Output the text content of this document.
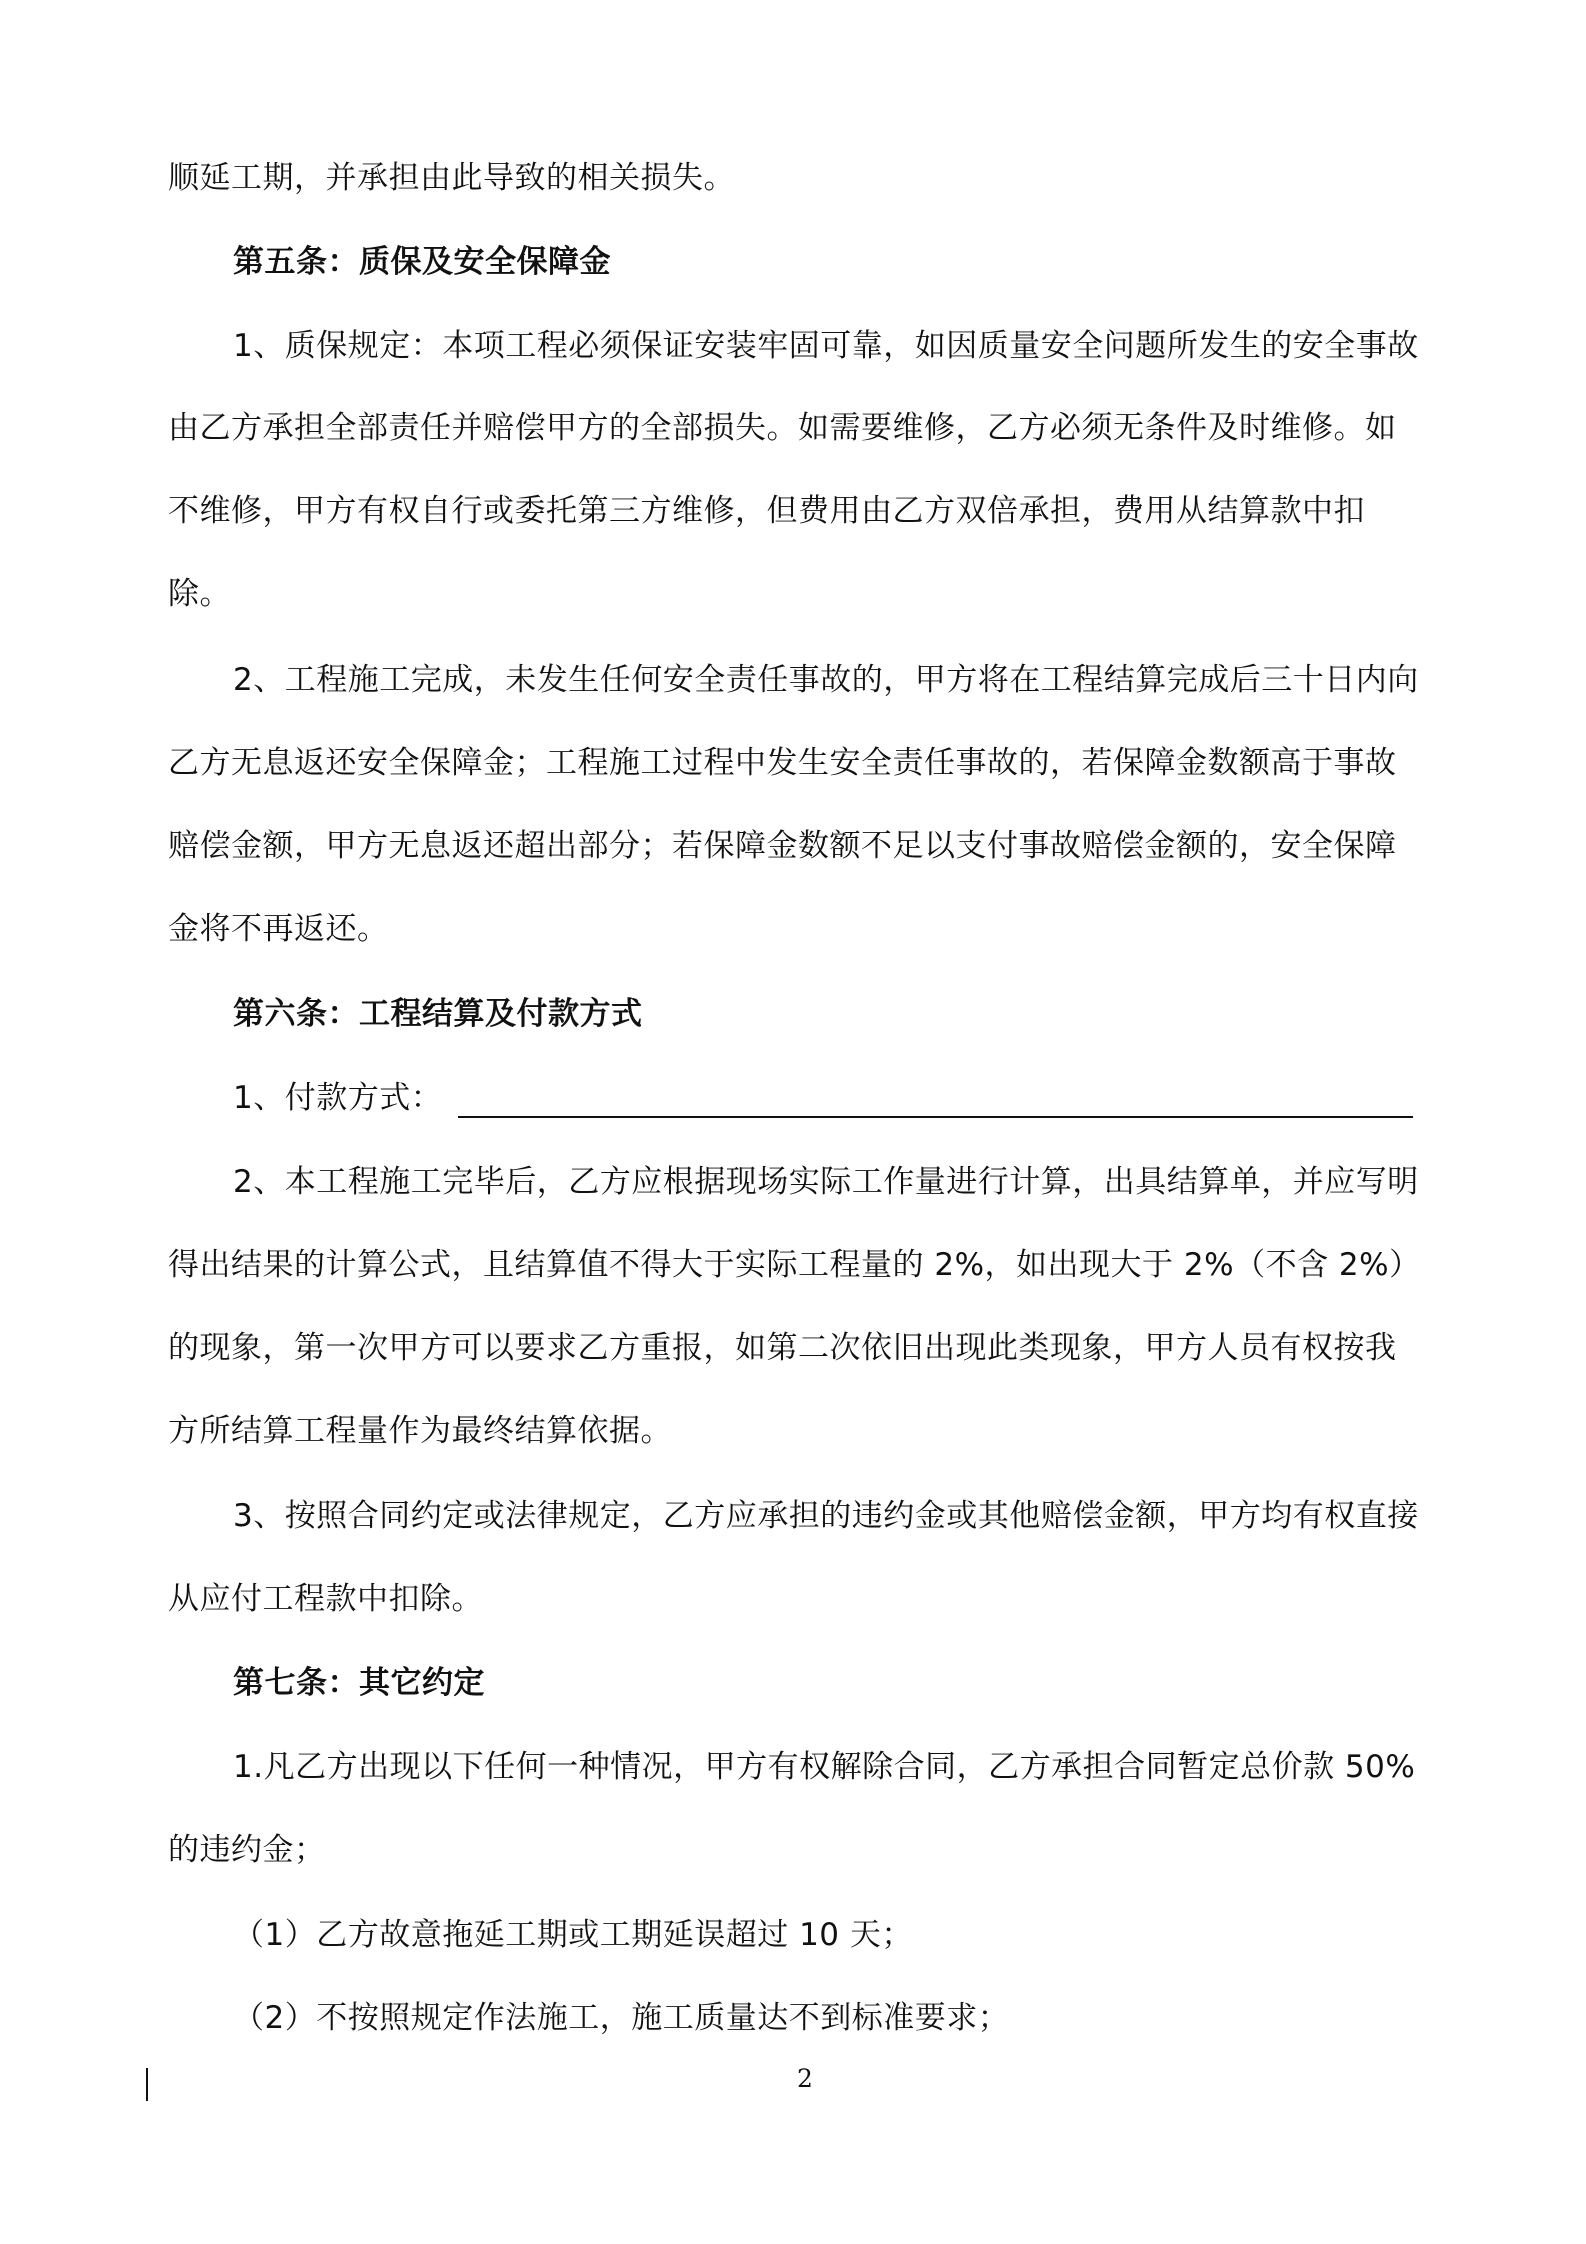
顺延工期，并承担由此导致的相关损失。
第五条：质保及安全保障金
1、质保规定：本项工程必须保证安装牢固可靠，如因质量安全问题所发生的安全事故
由乙方承担全部责任并赔偿甲方的全部损失。如需要维修，乙方必须无条件及时维修。如
不维修，甲方有权自行或委托第三方维修，但费用由乙方双倍承担，费用从结算款中扣
除。
2、工程施工完成，未发生任何安全责任事故的，甲方将在工程结算完成后三十日内向
乙方无息返还安全保障金；工程施工过程中发生安全责任事故的，若保障金数额高于事故
赔偿金额，甲方无息返还超出部分；若保障金数额不足以支付事故赔偿金额的，安全保障
金将不再返还。
第六条：工程结算及付款方式
1、付款方式：
2、本工程施工完毕后，乙方应根据现场实际工作量进行计算，出具结算单，并应写明
得出结果的计算公式，且结算值不得大于实际工程量的 2%，如出现大于 2%（不含 2%）
的现象，第一次甲方可以要求乙方重报，如第二次依旧出现此类现象，甲方人员有权按我
方所结算工程量作为最终结算依据。
3、按照合同约定或法律规定，乙方应承担的违约金或其他赔偿金额，甲方均有权直接
从应付工程款中扣除。
第七条：其它约定
1.凡乙方出现以下任何一种情况，甲方有权解除合同，乙方承担合同暂定总价款 50%
的违约金；
（1）乙方故意拖延工期或工期延误超过 10 天；
（2）不按照规定作法施工，施工质量达不到标准要求；
2
